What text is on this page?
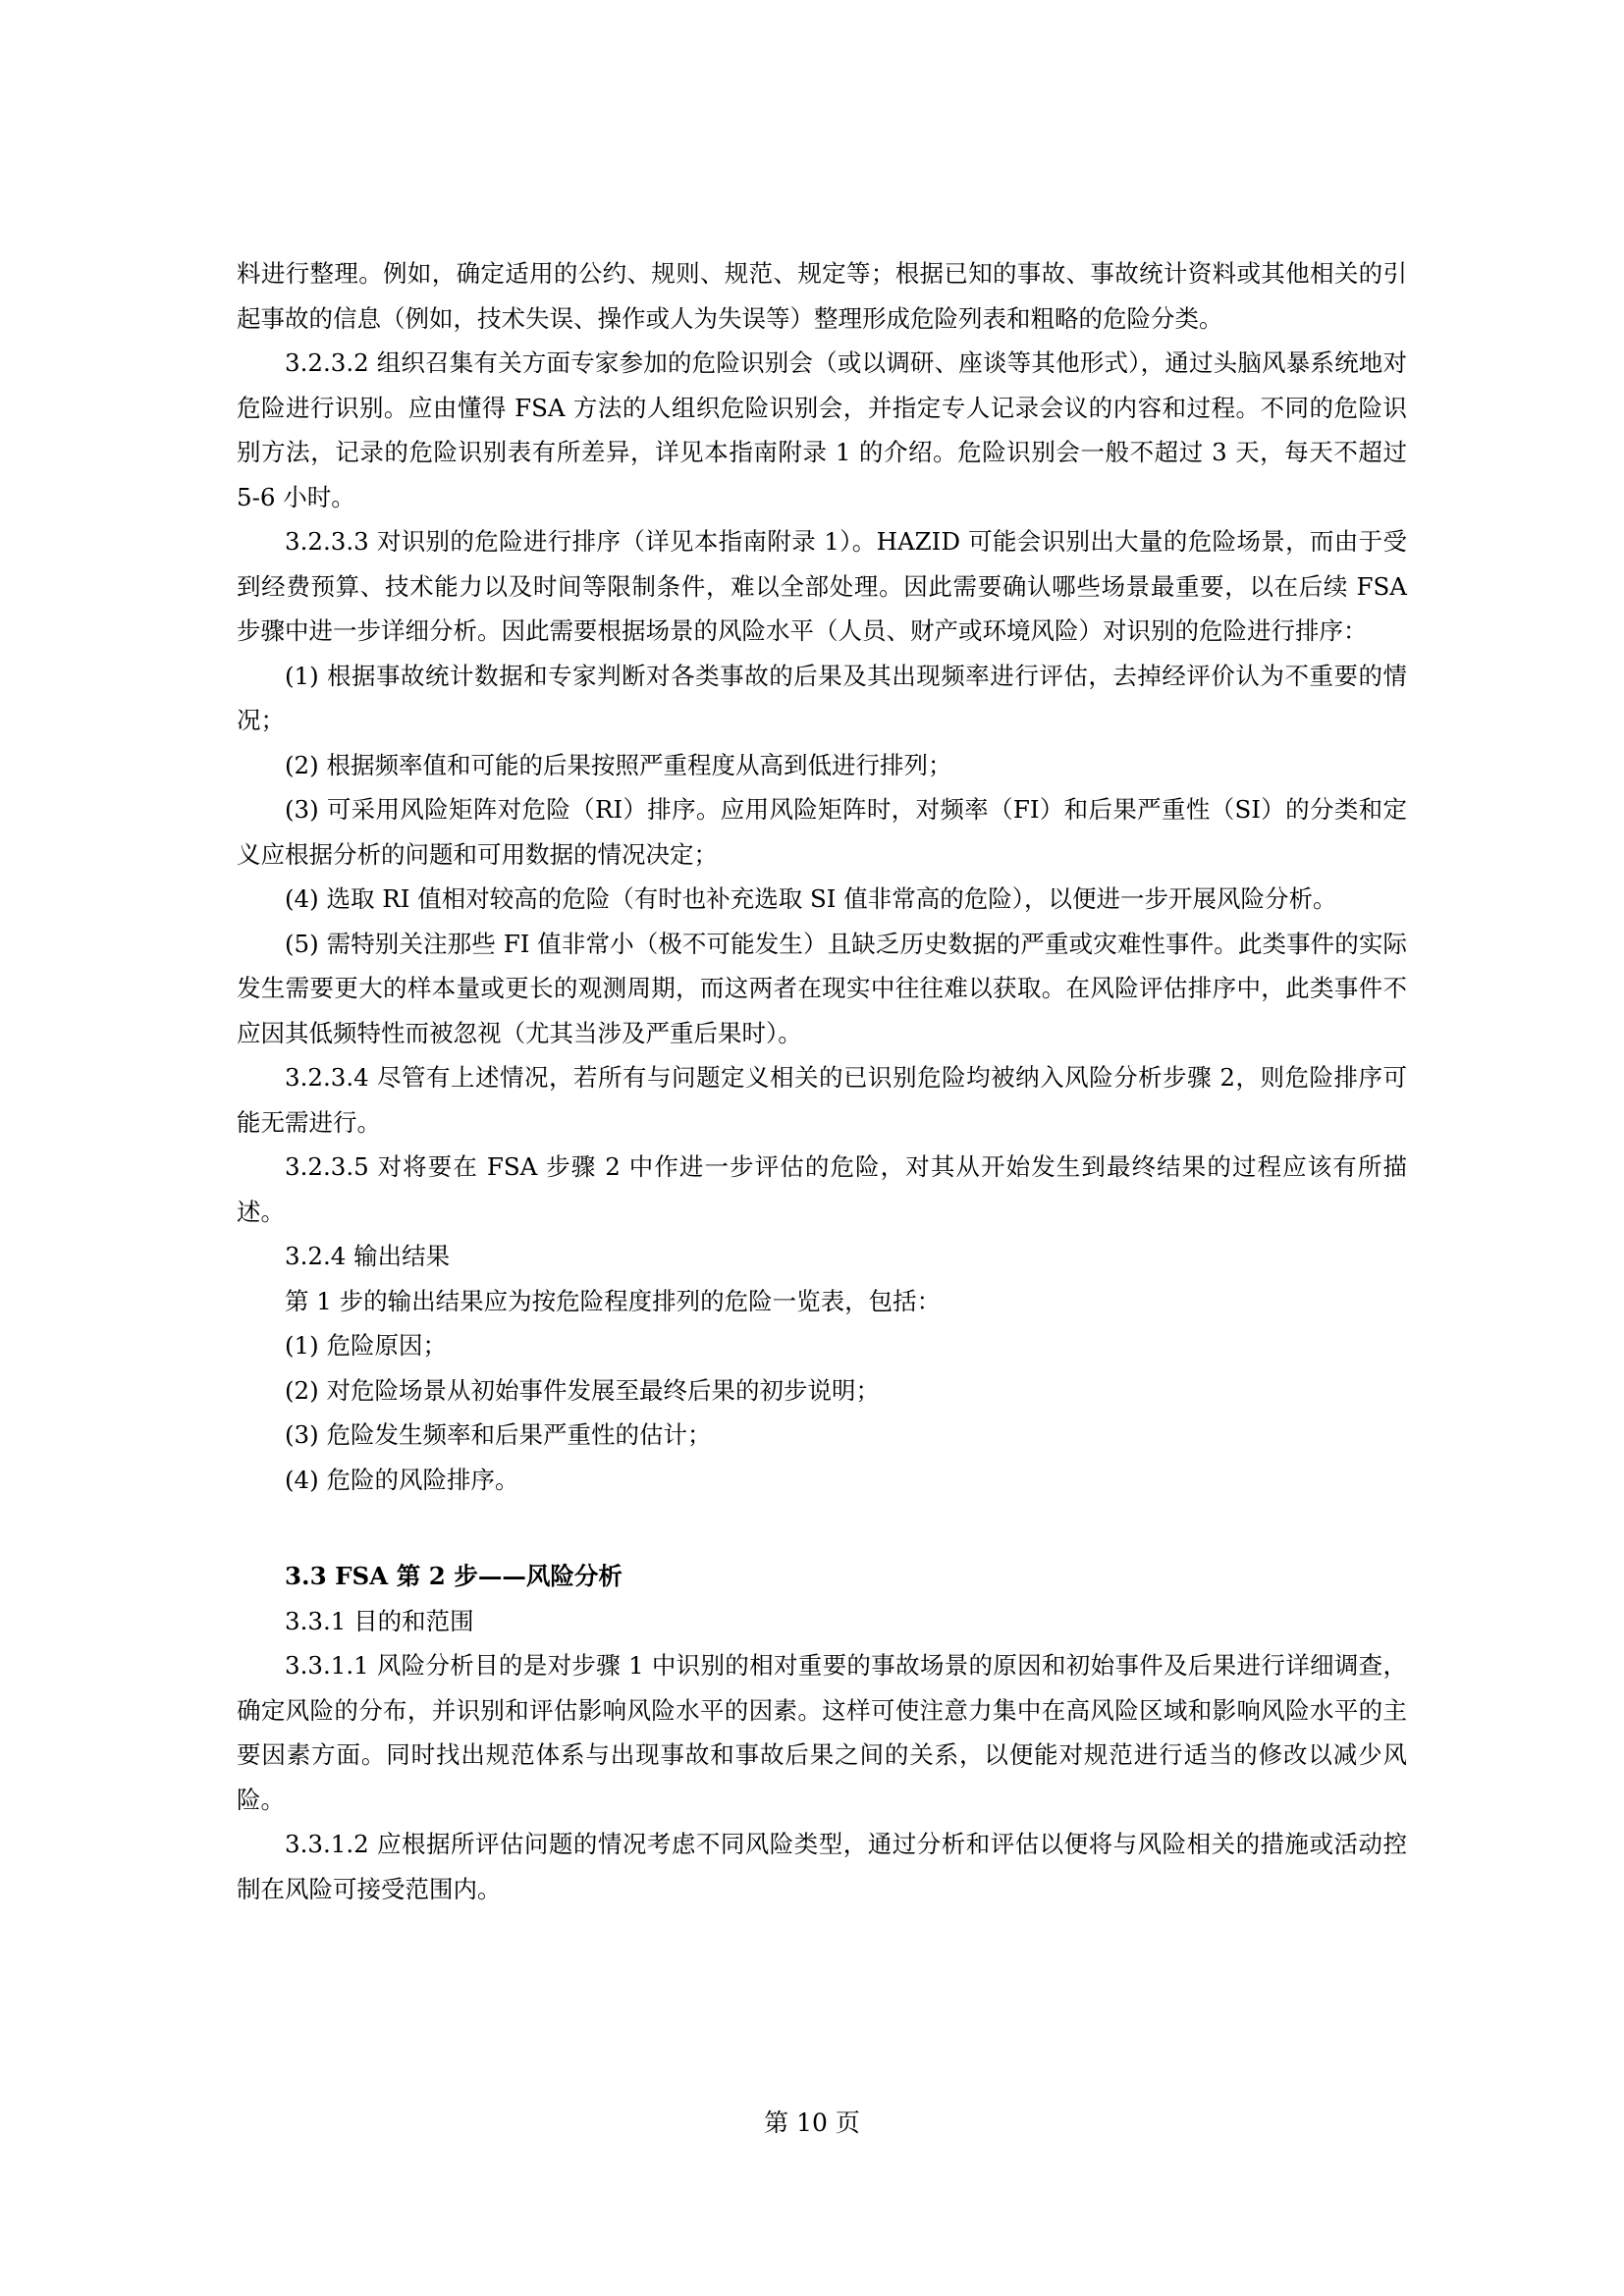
料进行整理。例如，确定适用的公约、规则、规范、规定等；根据已知的事故、事故统计资料或其他相关的引起事故的信息（例如，技术失误、操作或人为失误等）整理形成危险列表和粗略的危险分类。

3.2.3.2 组织召集有关方面专家参加的危险识别会（或以调研、座谈等其他形式），通过头脑风暴系统地对危险进行识别。应由懂得 FSA 方法的人组织危险识别会，并指定专人记录会议的内容和过程。不同的危险识别方法，记录的危险识别表有所差异，详见本指南附录 1 的介绍。危险识别会一般不超过 3 天，每天不超过 5-6 小时。

3.2.3.3 对识别的危险进行排序（详见本指南附录 1）。HAZID 可能会识别出大量的危险场景，而由于受到经费预算、技术能力以及时间等限制条件，难以全部处理。因此需要确认哪些场景最重要，以在后续 FSA 步骤中进一步详细分析。因此需要根据场景的风险水平（人员、财产或环境风险）对识别的危险进行排序：

(1) 根据事故统计数据和专家判断对各类事故的后果及其出现频率进行评估，去掉经评价认为不重要的情况；

(2) 根据频率值和可能的后果按照严重程度从高到低进行排列；

(3) 可采用风险矩阵对危险（RI）排序。应用风险矩阵时，对频率（FI）和后果严重性（SI）的分类和定义应根据分析的问题和可用数据的情况决定；

(4) 选取 RI 值相对较高的危险（有时也补充选取 SI 值非常高的危险），以便进一步开展风险分析。

(5) 需特别关注那些 FI 值非常小（极不可能发生）且缺乏历史数据的严重或灾难性事件。此类事件的实际发生需要更大的样本量或更长的观测周期，而这两者在现实中往往难以获取。在风险评估排序中，此类事件不应因其低频特性而被忽视（尤其当涉及严重后果时）。

3.2.3.4 尽管有上述情况，若所有与问题定义相关的已识别危险均被纳入风险分析步骤 2，则危险排序可能无需进行。

3.2.3.5 对将要在 FSA 步骤 2 中作进一步评估的危险，对其从开始发生到最终结果的过程应该有所描述。

3.2.4 输出结果

第 1 步的输出结果应为按危险程度排列的危险一览表，包括：

(1) 危险原因；

(2) 对危险场景从初始事件发展至最终后果的初步说明；

(3) 危险发生频率和后果严重性的估计；

(4) 危险的风险排序。

3.3 FSA 第 2 步——风险分析

3.3.1 目的和范围

3.3.1.1 风险分析目的是对步骤 1 中识别的相对重要的事故场景的原因和初始事件及后果进行详细调查，确定风险的分布，并识别和评估影响风险水平的因素。这样可使注意力集中在高风险区域和影响风险水平的主要因素方面。同时找出规范体系与出现事故和事故后果之间的关系，以便能对规范进行适当的修改以减少风险。

3.3.1.2 应根据所评估问题的情况考虑不同风险类型，通过分析和评估以便将与风险相关的措施或活动控制在风险可接受范围内。

第 10 页
